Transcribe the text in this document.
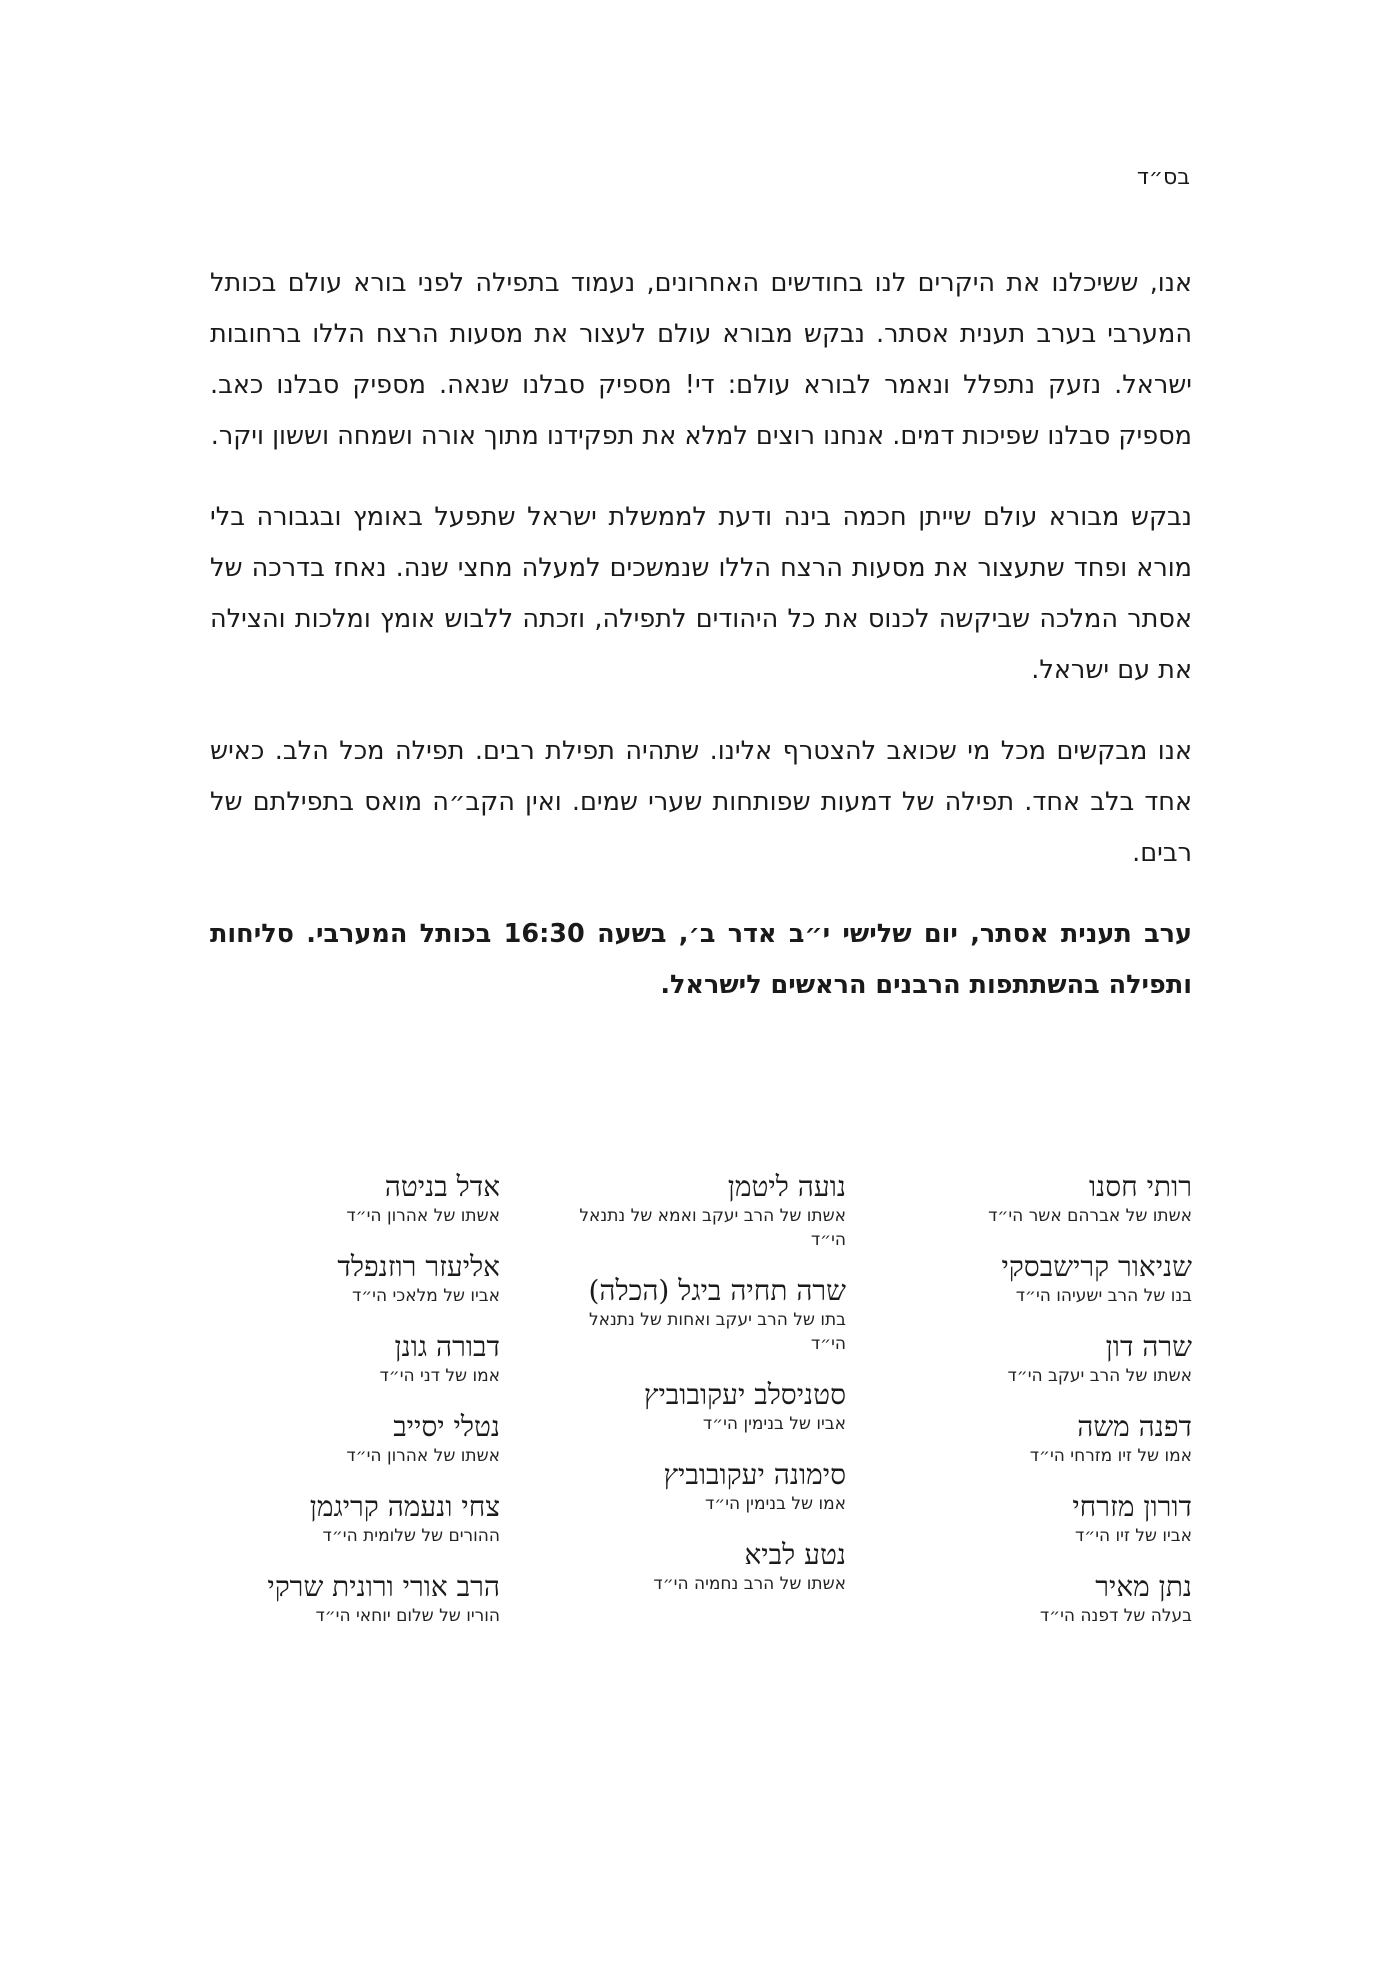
בס״ד

אנו, ששיכלנו את היקרים לנו בחודשים האחרונים, נעמוד בתפילה לפני בורא עולם בכותל המערבי בערב תענית אסתר. נבקש מבורא עולם לעצור את מסעות הרצח הללו ברחובות ישראל. נזעק נתפלל ונאמר לבורא עולם: די! מספיק סבלנו שנאה. מספיק סבלנו כאב. מספיק סבלנו שפיכות דמים. אנחנו רוצים למלא את תפקידנו מתוך אורה ושמחה וששון ויקר.

נבקש מבורא עולם שייתן חכמה בינה ודעת לממשלת ישראל שתפעל באומץ ובגבורה בלי מורא ופחד שתעצור את מסעות הרצח הללו שנמשכים למעלה מחצי שנה. נאחז בדרכה של אסתר המלכה שביקשה לכנוס את כל היהודים לתפילה, וזכתה ללבוש אומץ ומלכות והצילה את עם ישראל.

אנו מבקשים מכל מי שכואב להצטרף אלינו. שתהיה תפילת רבים. תפילה מכל הלב. כאיש אחד בלב אחד. תפילה של דמעות שפותחות שערי שמים. ואין הקב״ה מואס בתפילתם של רבים.

ערב תענית אסתר, יום שלישי י״ב אדר ב׳, בשעה 16:30 בכותל המערבי. סליחות ותפילה בהשתתפות הרבנים הראשים לישראל.

אדל בניטה
אשתו של אהרון הי״ד
אליעזר רוזנפלד
אביו של מלאכי הי״ד
דבורה גונן
אמו של דני הי״ד
נטלי יסייב
אשתו של אהרון הי״ד
צחי ונעמה קריגמן
ההורים של שלומית הי״ד
הרב אורי ורונית שרקי
הוריו של שלום יוחאי הי״ד
נועה ליטמן
אשתו של הרב יעקב ואמא של נתנאל הי״ד
שרה תחיה ביגל (הכלה)
בתו של הרב יעקב ואחות של נתנאל הי״ד
סטניסלב יעקובוביץ
אביו של בנימין הי״ד
סימונה יעקובוביץ
אמו של בנימין הי״ד
נטע לביא
אשתו של הרב נחמיה הי״ד
רותי חסנו
אשתו של אברהם אשר הי״ד
שניאור קרישבסקי
בנו של הרב ישעיהו הי״ד
שרה דון
אשתו של הרב יעקב הי״ד
דפנה משה
אמו של זיו מזרחי הי״ד
דורון מזרחי
אביו של זיו הי״ד
נתן מאיר
בעלה של דפנה הי״ד
